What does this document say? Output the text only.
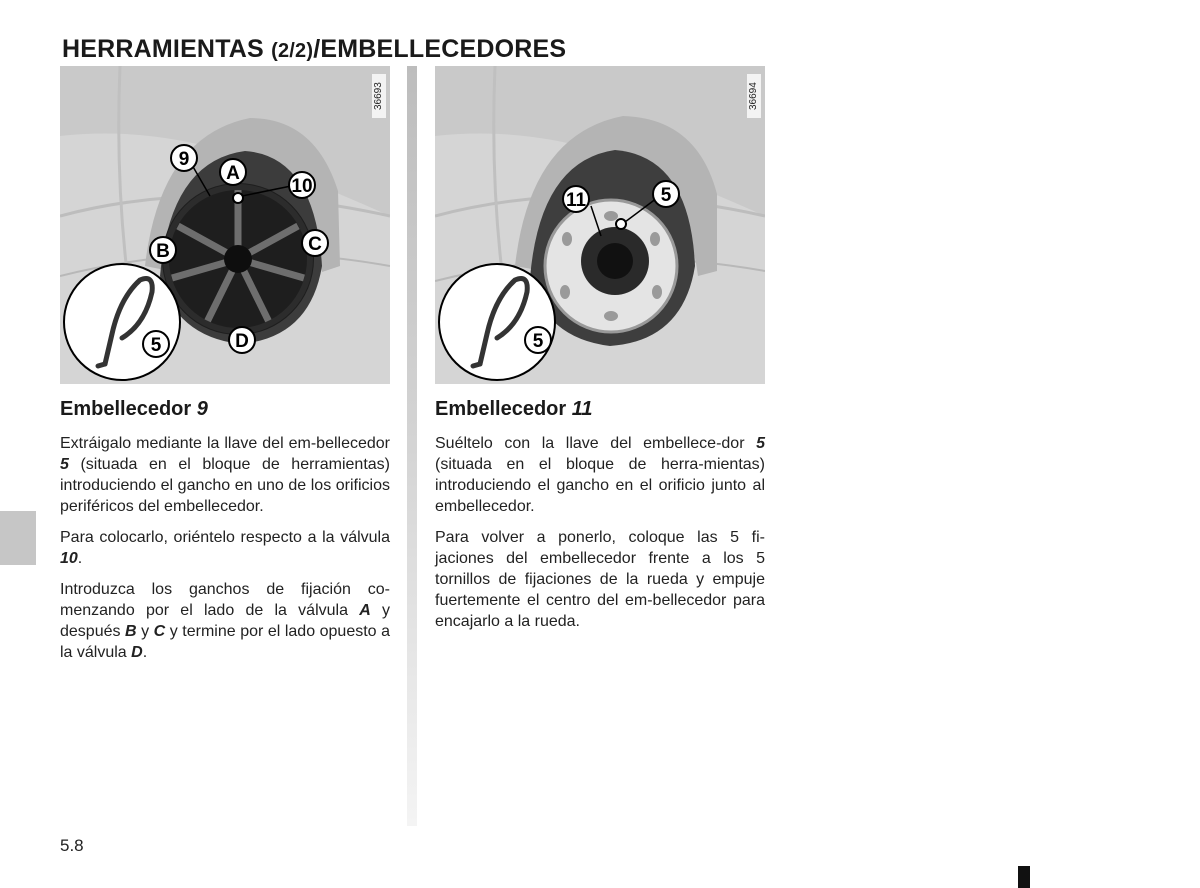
HERRAMIENTAS (2/2)/EMBELLECEDORES
36693
9
A
10
B	C
D
5
36694
11	5
5
Embellecedor 9

Extráigalo mediante la llave del em-bellecedor 5 (situada en el bloque de herramientas) introduciendo el gancho en uno de los orificios periféricos del embellecedor.

Para colocarlo, oriéntelo respecto a la válvula 10.

Introduzca los ganchos de fijación co-menzando por el lado de la válvula A y después B y C y termine por el lado opuesto a la válvula D.

Embellecedor 11

Suéltelo con la llave del embellece-dor 5 (situada en el bloque de herra-mientas) introduciendo el gancho en el orificio junto al embellecedor.

Para volver a ponerlo, coloque las 5 fi-jaciones del embellecedor frente a los 5 tornillos de fijaciones de la rueda y empuje fuertemente el centro del em-bellecedor para encajarlo a la rueda.

5.8
